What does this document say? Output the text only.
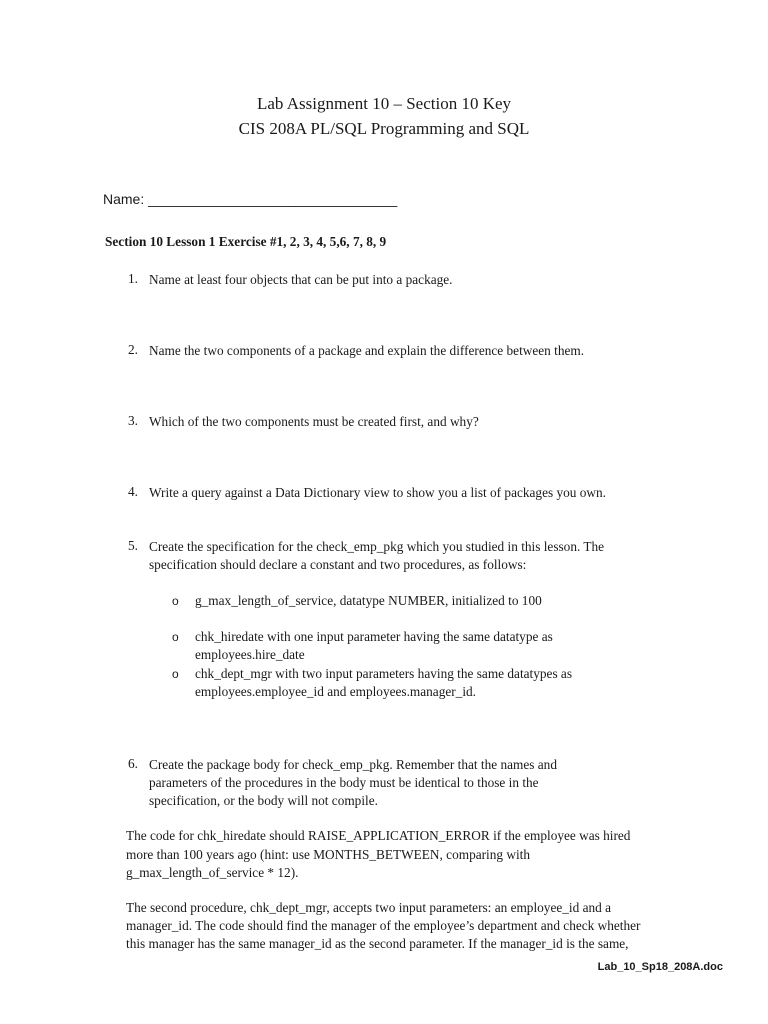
Lab Assignment 10 – Section 10 Key
CIS 208A PL/SQL Programming and SQL
Name: ________________________________
Section 10 Lesson 1 Exercise #1, 2, 3, 4, 5,6, 7, 8, 9
1. Name at least four objects that can be put into a package.
2. Name the two components of a package and explain the difference between them.
3. Which of the two components must be created first, and why?
4. Write a query against a Data Dictionary view to show you a list of packages you own.
5. Create the specification for the check_emp_pkg which you studied in this lesson. The
specification should declare a constant and two procedures, as follows:
o g_max_length_of_service, datatype NUMBER, initialized to 100
o chk_hiredate with one input parameter having the same datatype as
employees.hire_date
o chk_dept_mgr with two input parameters having the same datatypes as
employees.employee_id and employees.manager_id.
6. Create the package body for check_emp_pkg. Remember that the names and
parameters of the procedures in the body must be identical to those in the
specification, or the body will not compile.
The code for chk_hiredate should RAISE_APPLICATION_ERROR if the employee was hired
more than 100 years ago (hint: use MONTHS_BETWEEN, comparing with
g_max_length_of_service * 12).
The second procedure, chk_dept_mgr, accepts two input parameters: an employee_id and a
manager_id. The code should find the manager of the employee’s department and check whether
this manager has the same manager_id as the second parameter. If the manager_id is the same,
Lab_10_Sp18_208A.doc
